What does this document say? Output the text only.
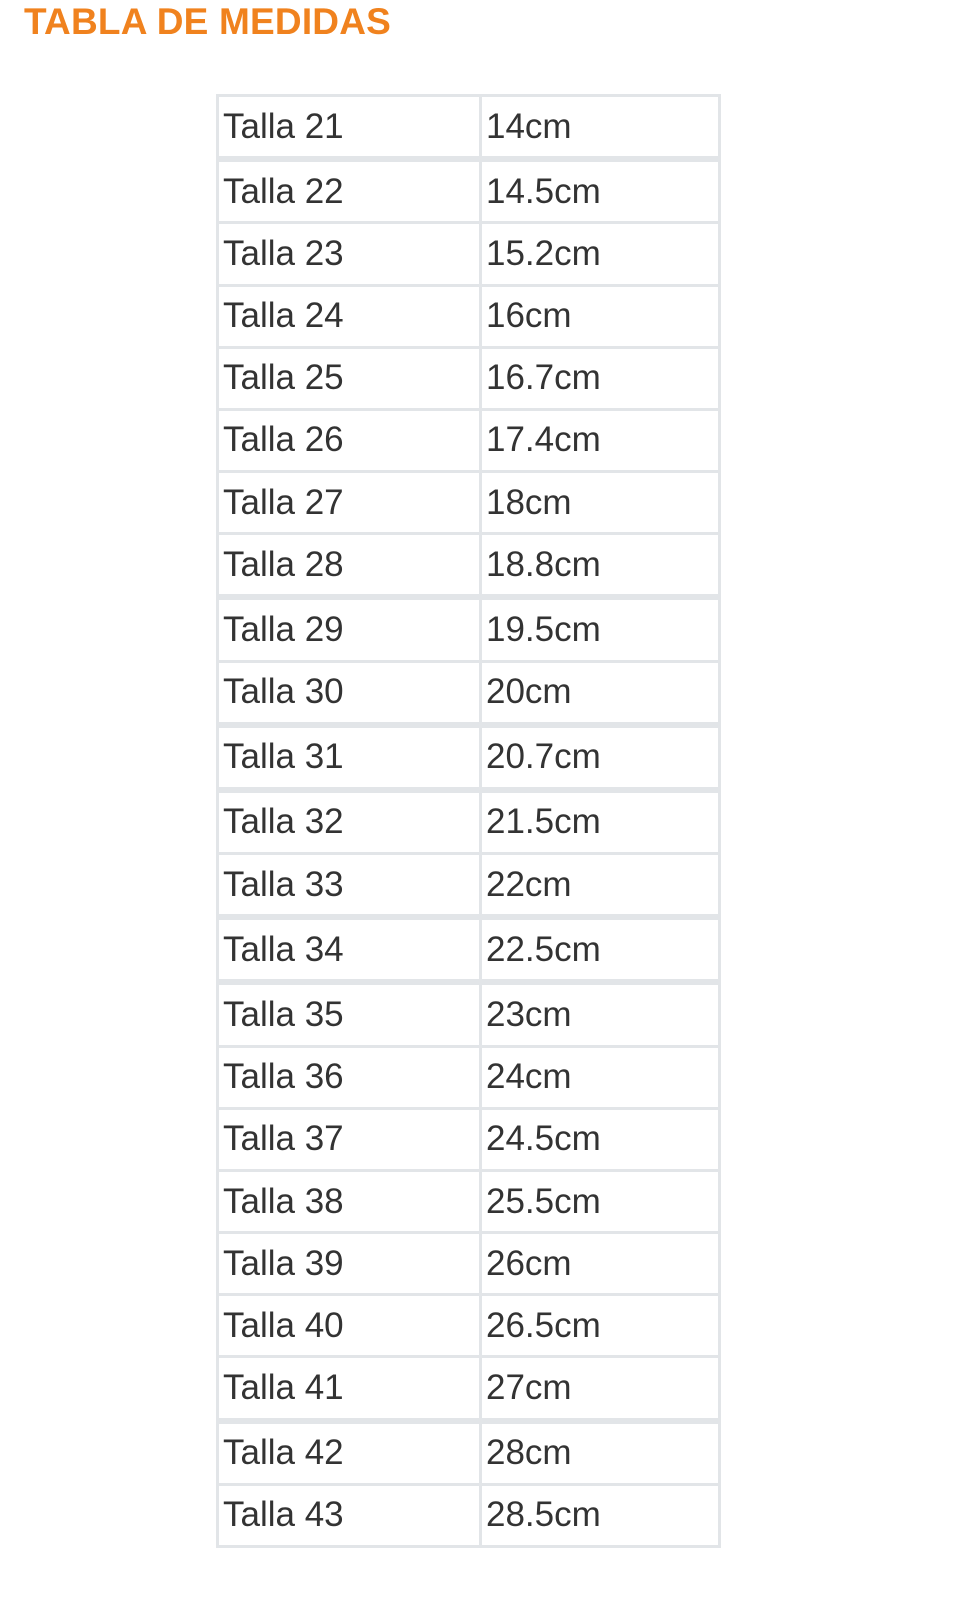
TABLA DE MEDIDAS
Talla 21	14cm
Talla 22	14.5cm
Talla 23	15.2cm
Talla 24	16cm
Talla 25	16.7cm
Talla 26	17.4cm
Talla 27	18cm
Talla 28	18.8cm
Talla 29	19.5cm
Talla 30	20cm
Talla 31	20.7cm
Talla 32	21.5cm
Talla 33	22cm
Talla 34	22.5cm
Talla 35	23cm
Talla 36	24cm
Talla 37	24.5cm
Talla 38	25.5cm
Talla 39	26cm
Talla 40	26.5cm
Talla 41	27cm
Talla 42	28cm
Talla 43	28.5cm
